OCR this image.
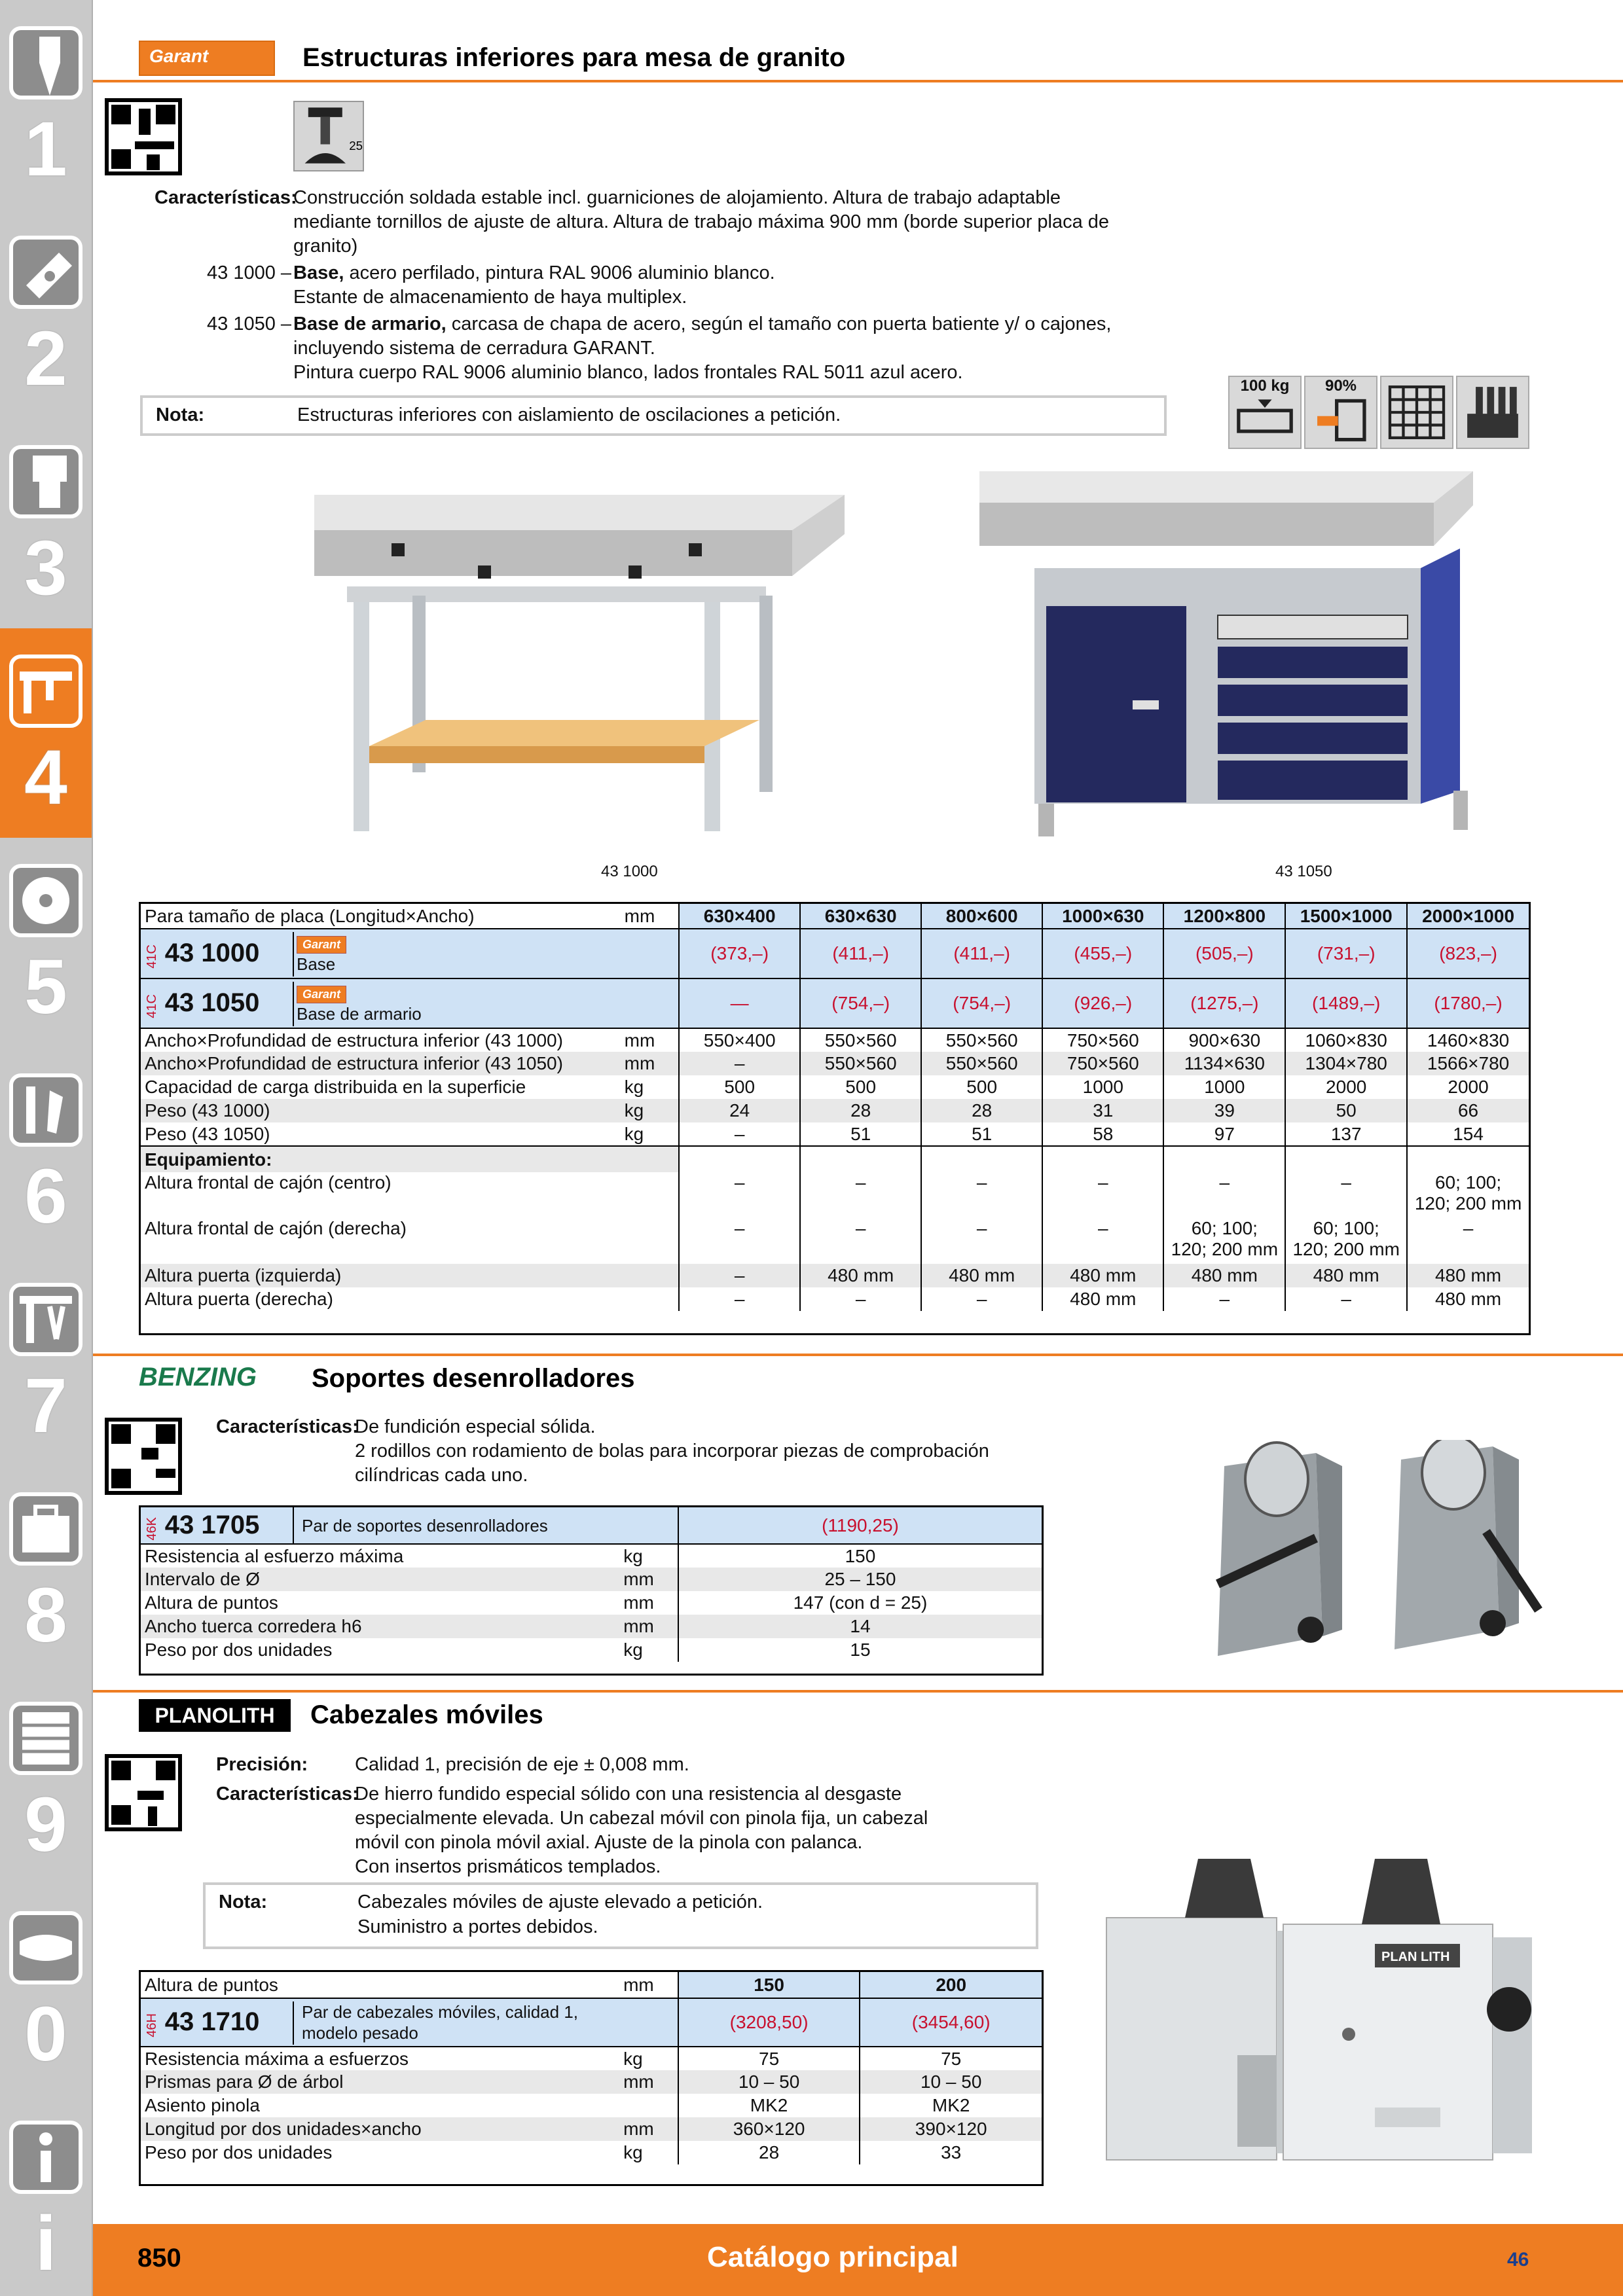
1
2
3
4
5
6
7
8
9
0
i
Garant	Estructuras inferiores para mesa de granito
25
Características:
Construcción soldada estable incl. guarniciones de alojamiento. Altura de trabajo adaptable
mediante tornillos de ajuste de altura. Altura de trabajo máxima 900 mm (borde superior placa de
granito)
43 1000 – Base, acero perfilado, pintura RAL 9006 aluminio blanco.
Estante de almacenamiento de haya multiplex.
43 1050 – Base de armario, carcasa de chapa de acero, según el tamaño con puerta batiente y/ o cajones,
incluyendo sistema de cerradura GARANT.
Pintura cuerpo RAL 9006 aluminio blanco, lados frontales RAL 5011 azul acero.
Nota:	Estructuras inferiores con aislamiento de oscilaciones a petición.
100 kg	90%
43 1000	43 1050
Para tamaño de placa (Longitud×Ancho)	mm	630×400	630×630	800×600	1000×630	1200×800	1500×1000	2000×1000
41C 43 1000 Garant
Base		(373,–)	(411,–)	(411,–)	(455,–)	(505,–)	(731,–)	(823,–)
41C 43 1050 Garant
Base de armario		—	(754,–)	(754,–)	(926,–)	(1275,–)	(1489,–)	(1780,–)
Ancho×Profundidad de estructura inferior (43 1000)	mm	550×400	550×560	550×560	750×560	900×630	1060×830	1460×830
Ancho×Profundidad de estructura inferior (43 1050)	mm	–	550×560	550×560	750×560	1134×630	1304×780	1566×780
Capacidad de carga distribuida en la superficie	kg	500	500	500	1000	1000	2000	2000
Peso (43 1000)	kg	24	28	28	31	39	50	66
Peso (43 1050)	kg	–	51	51	58	97	137	154
Equipamiento:								
Altura frontal de cajón (centro)		–	–	–	–	–	–	60; 100;
120; 200 mm
Altura frontal de cajón (derecha)		–	–	–	–	60; 100;
120; 200 mm	60; 100;
120; 200 mm	–
Altura puerta (izquierda)		–	480 mm	480 mm	480 mm	480 mm	480 mm	480 mm
Altura puerta (derecha)		–	–	–	480 mm	–	–	480 mm
BENZING Soportes desenrolladores
Características:
De fundición especial sólida.
2 rodillos con rodamiento de bolas para incorporar piezas de comprobación
cilíndricas cada uno.
46K 43 1705 Par de soportes desenrolladores		(1190,25)
Resistencia al esfuerzo máxima	kg	150
Intervalo de Ø	mm	25 – 150
Altura de puntos	mm	147 (con d = 25)
Ancho tuerca corredera h6	mm	14
Peso por dos unidades	kg	15
PLANOLITH	Cabezales móviles
Precisión: Calidad 1, precisión de eje ± 0,008 mm.
Características:
De hierro fundido especial sólido con una resistencia al desgaste
especialmente elevada. Un cabezal móvil con pinola fija, un cabezal
móvil con pinola móvil axial. Ajuste de la pinola con palanca.
Con insertos prismáticos templados.
Nota:	Cabezales móviles de ajuste elevado a petición.
Suministro a portes debidos.
Altura de puntos	mm	150	200
46H 43 1710 Par de cabezales móviles, calidad 1,
modelo pesado		(3208,50)	(3454,60)
Resistencia máxima a esfuerzos	kg	75	75
Prismas para Ø de árbol	mm	10 – 50	10 – 50
Asiento pinola		MK2	MK2
Longitud por dos unidades×ancho	mm	360×120	390×120
Peso por dos unidades	kg	28	33
PLAN LITH
850	Catálogo principal	46
